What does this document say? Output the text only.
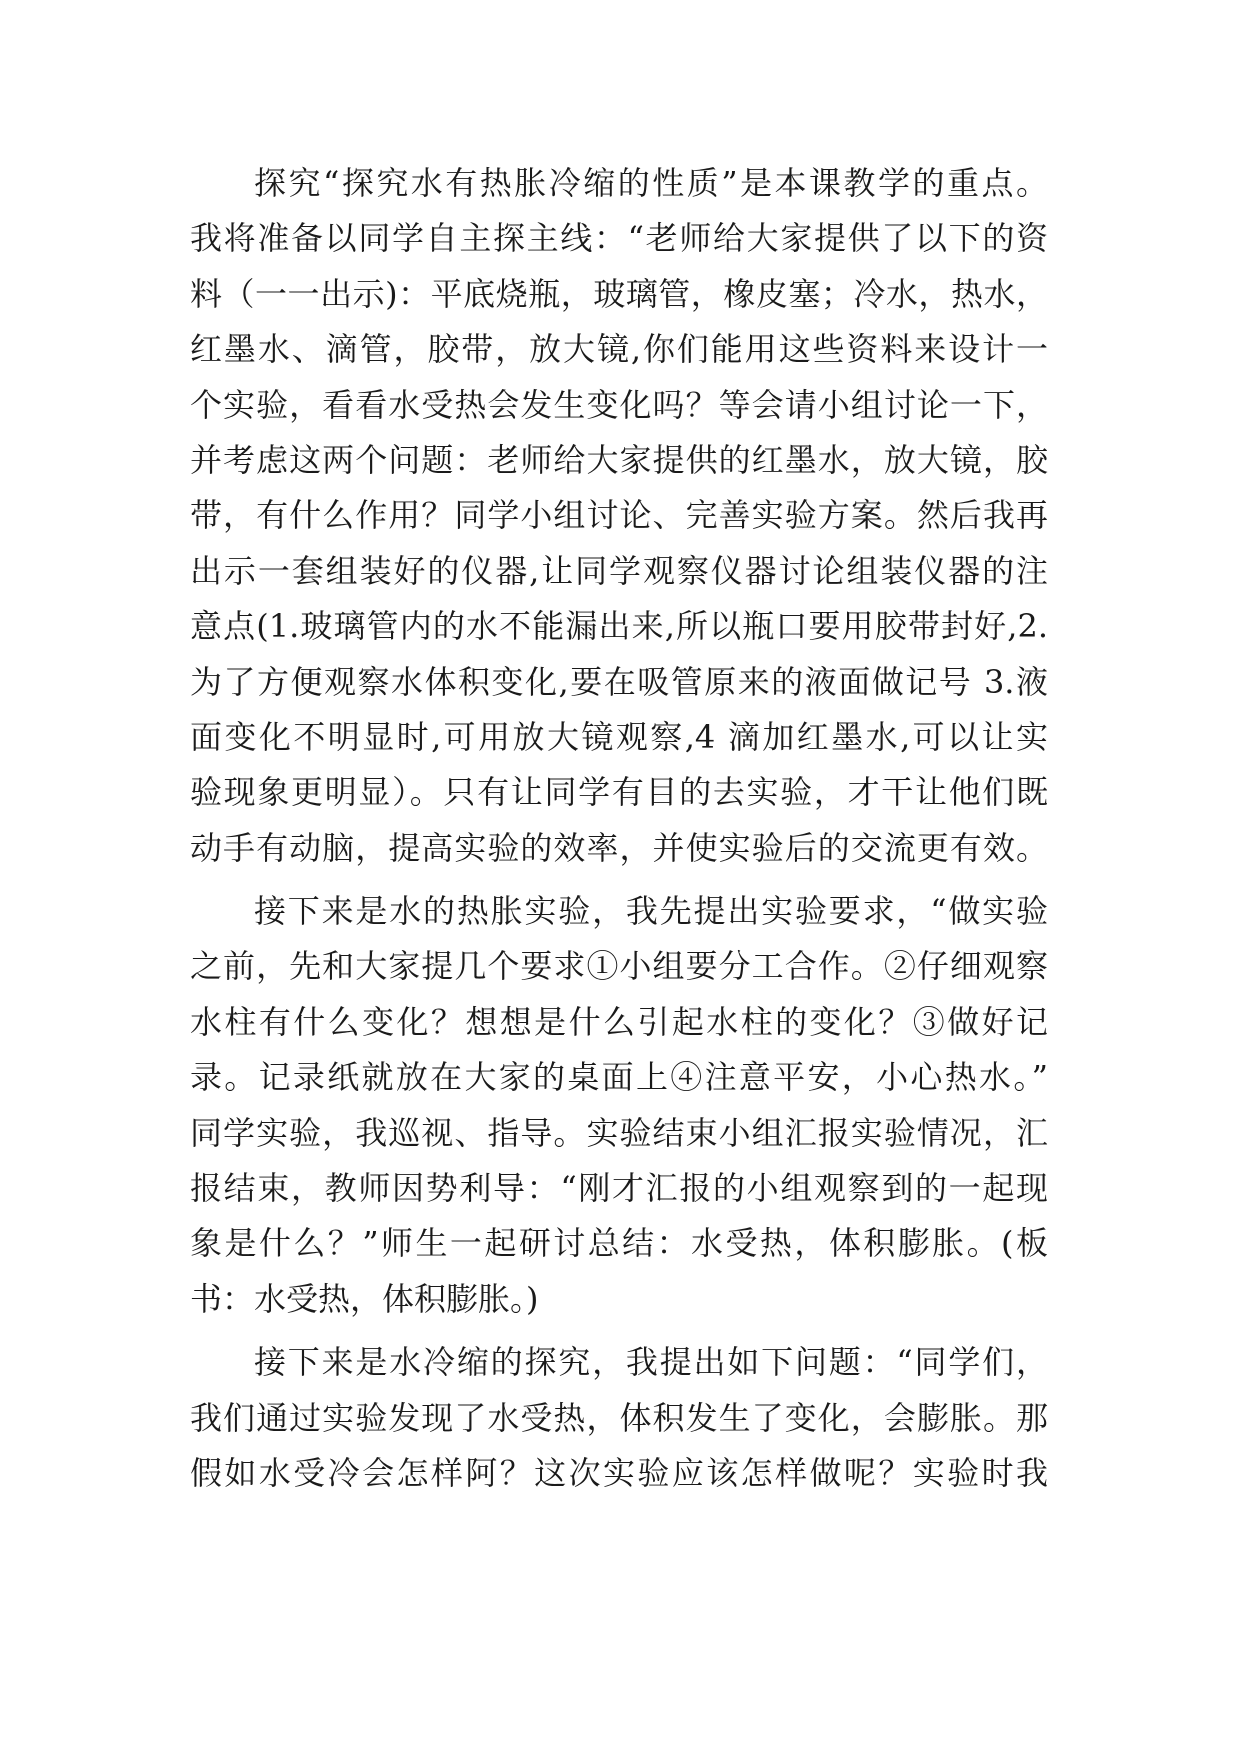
探究“探究水有热胀冷缩的性质”是本课教学的重点。
我将准备以同学自主探主线：“老师给大家提供了以下的资
料（一一出示)：平底烧瓶，玻璃管，橡皮塞；冷水，热水，
红墨水、滴管，胶带，放大镜,你们能用这些资料来设计一
个实验，看看水受热会发生变化吗？等会请小组讨论一下，
并考虑这两个问题：老师给大家提供的红墨水，放大镜，胶
带，有什么作用？同学小组讨论、完善实验方案。然后我再
出示一套组装好的仪器,让同学观察仪器讨论组装仪器的注
意点(1.玻璃管内的水不能漏出来,所以瓶口要用胶带封好,2.
为了方便观察水体积变化,要在吸管原来的液面做记号 3.液
面变化不明显时,可用放大镜观察,4 滴加红墨水,可以让实
验现象更明显）。只有让同学有目的去实验，才干让他们既
动手有动脑，提高实验的效率，并使实验后的交流更有效。
接下来是水的热胀实验，我先提出实验要求，“做实验
之前，先和大家提几个要求①小组要分工合作。②仔细观察
水柱有什么变化？想想是什么引起水柱的变化？③做好记
录。记录纸就放在大家的桌面上④注意平安，小心热水。”
同学实验，我巡视、指导。实验结束小组汇报实验情况，汇
报结束，教师因势利导：“刚才汇报的小组观察到的一起现
象是什么？”师生一起研讨总结：水受热，体积膨胀。(板
书：水受热，体积膨胀。)
接下来是水冷缩的探究，我提出如下问题：“同学们，
我们通过实验发现了水受热，体积发生了变化，会膨胀。那
假如水受冷会怎样阿？这次实验应该怎样做呢？实验时我
